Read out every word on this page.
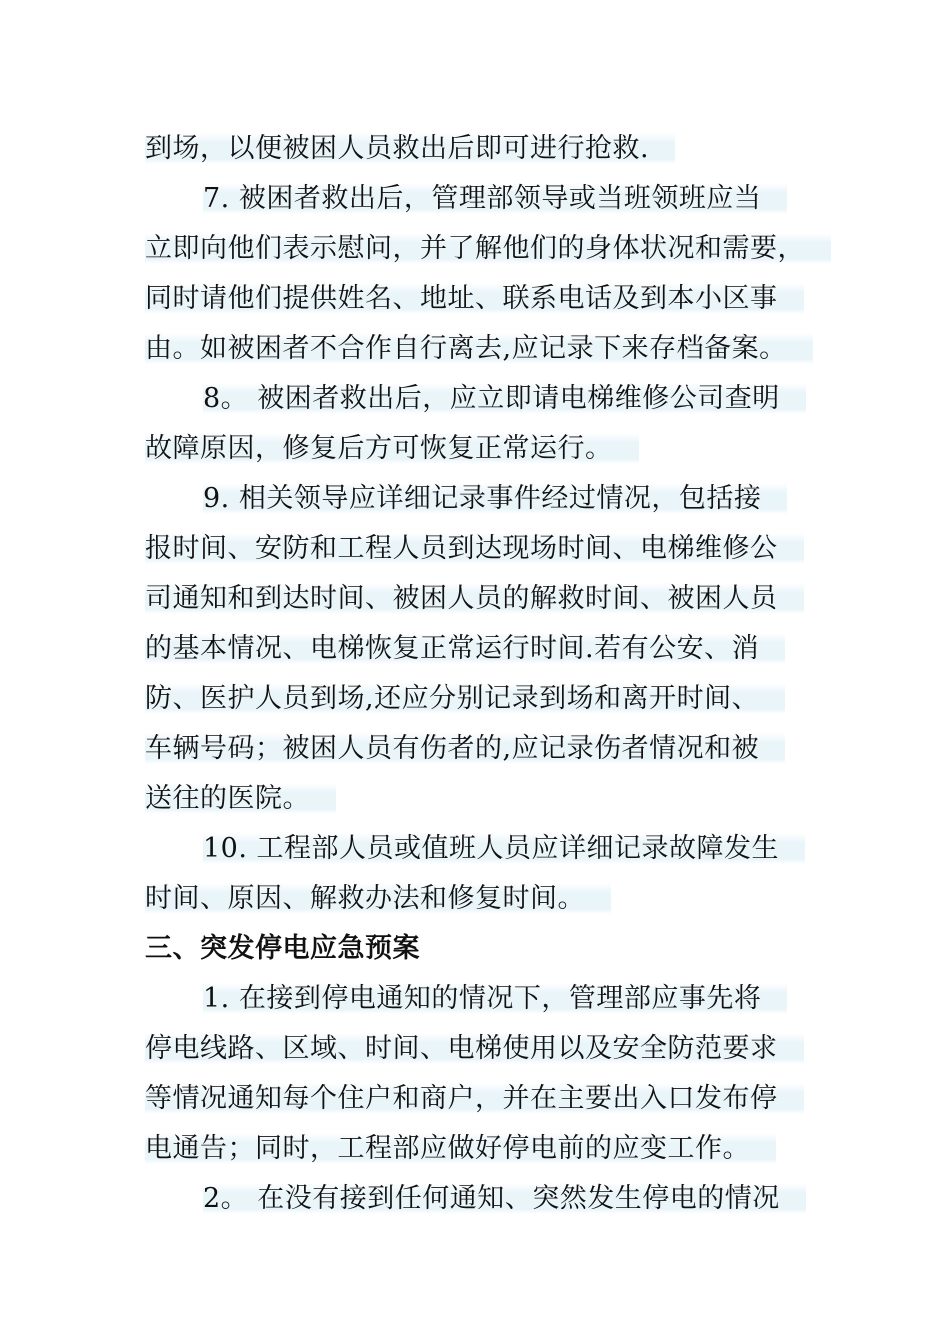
到场，以便被困人员救出后即可进行抢救.
7. 被困者救出后，管理部领导或当班领班应当
立即向他们表示慰问，并了解他们的身体状况和需要，
同时请他们提供姓名、地址、联系电话及到本小区事
由。如被困者不合作自行离去,应记录下来存档备案。
8。 被困者救出后，应立即请电梯维修公司查明
故障原因，修复后方可恢复正常运行。
9. 相关领导应详细记录事件经过情况，包括接
报时间、安防和工程人员到达现场时间、电梯维修公
司通知和到达时间、被困人员的解救时间、被困人员
的基本情况、电梯恢复正常运行时间.若有公安、消
防、医护人员到场,还应分别记录到场和离开时间、
车辆号码；被困人员有伤者的,应记录伤者情况和被
送往的医院。
10. 工程部人员或值班人员应详细记录故障发生
时间、原因、解救办法和修复时间。
三、突发停电应急预案
1. 在接到停电通知的情况下，管理部应事先将
停电线路、区域、时间、电梯使用以及安全防范要求
等情况通知每个住户和商户，并在主要出入口发布停
电通告；同时，工程部应做好停电前的应变工作。
2。 在没有接到任何通知、突然发生停电的情况
